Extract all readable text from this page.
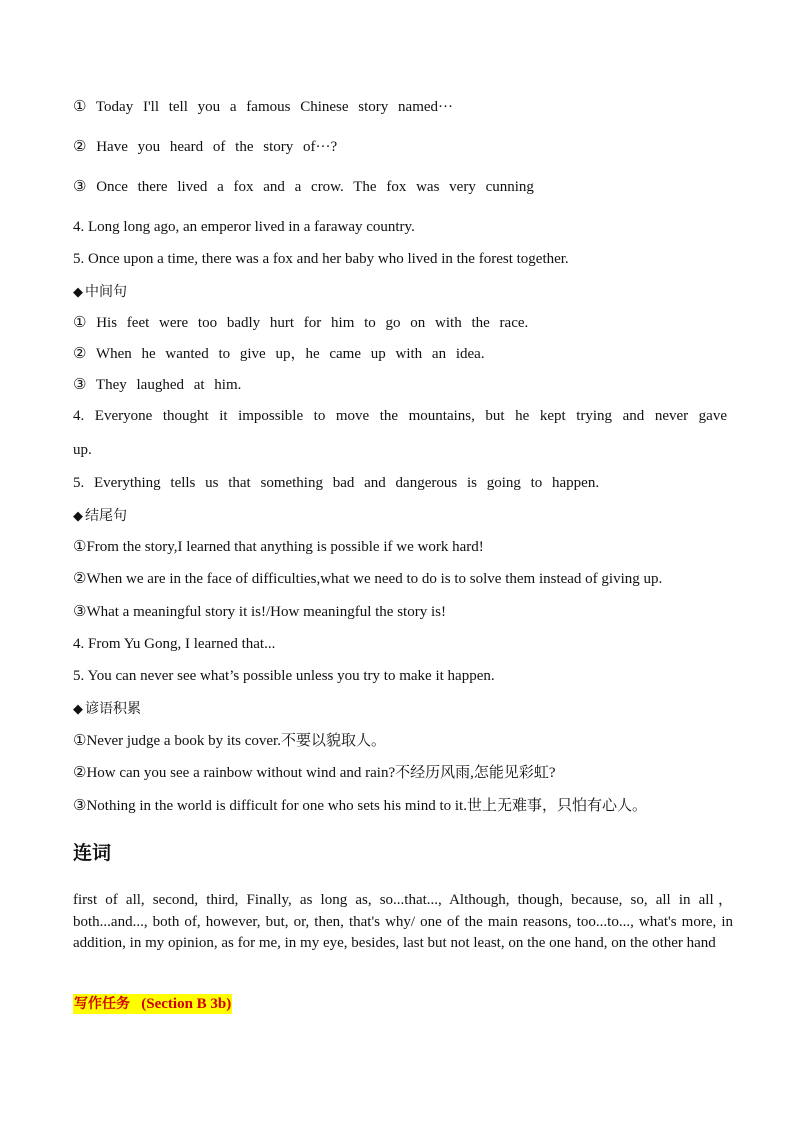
① Today I'll tell you a famous Chinese story named···
② Have you heard of the story of···?
③ Once there lived a fox and a crow. The fox was very cunning
4. Long long ago, an emperor lived in a faraway country.
5. Once upon a time, there was a fox and her baby who lived in the forest together.
◆ 中间句
① His feet were too badly hurt for him to go on with the race.
② When he wanted to give up，he came up with an idea.
③ They laughed at him.
4. Everyone thought it impossible to move the mountains, but he kept trying and never gave
up.
5. Everything tells us that something bad and dangerous is going to happen.
◆ 结尾句
①From the story,I learned that anything is possible if we work hard!
②When we are in the face of difficulties,what we need to do is to solve them instead of giving up.
③What a meaningful story it is!/How meaningful the story is!
4. From Yu Gong, I learned that...
5. You can never see what’s possible unless you try to make it happen.
◆ 谚语积累
①Never judge a book by its cover.不要以貌取人。
②How can you see a rainbow without wind and rain?不经历风雨,怎能见彩虹?
③Nothing in the world is difficult for one who sets his mind to it.世上无难事，只怕有心人。
连词
first of all, second, third, Finally, as long as, so...that..., Although, though, because, so, all in all，both...and..., both of, however, but, or, then, that's why/ one of the main reasons, too...to..., what's more, in addition, in my opinion, as for me, in my eye, besides, last but not least, on the one hand, on the other hand
写作任务 (Section B 3b)
